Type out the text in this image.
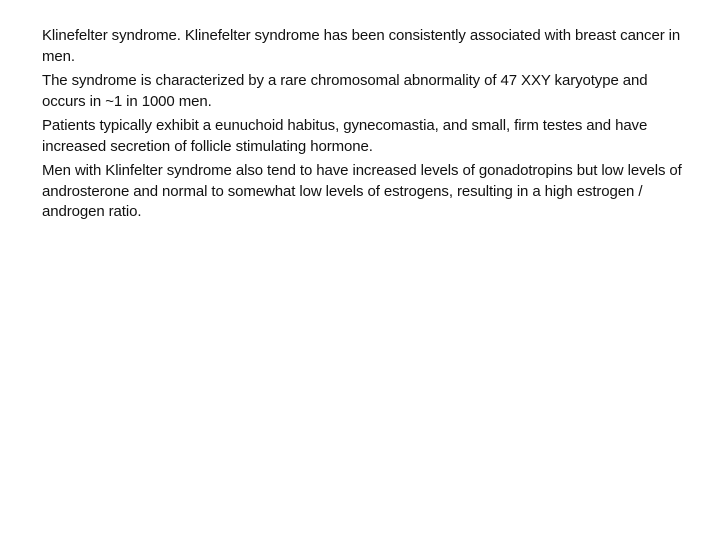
Klinefelter syndrome. Klinefelter syndrome has been consistently associated with breast cancer in men.

The syndrome is characterized by a rare chromosomal abnormality of 47 XXY karyotype and occurs in ~1 in 1000 men.

Patients typically exhibit a eunuchoid habitus, gynecomastia, and small, firm testes and have increased secretion of follicle stimulating hormone.

Men with Klinfelter syndrome also tend to have increased levels of gonadotropins but low levels of androsterone and normal to somewhat low levels of estrogens, resulting in a high estrogen / androgen ratio.
